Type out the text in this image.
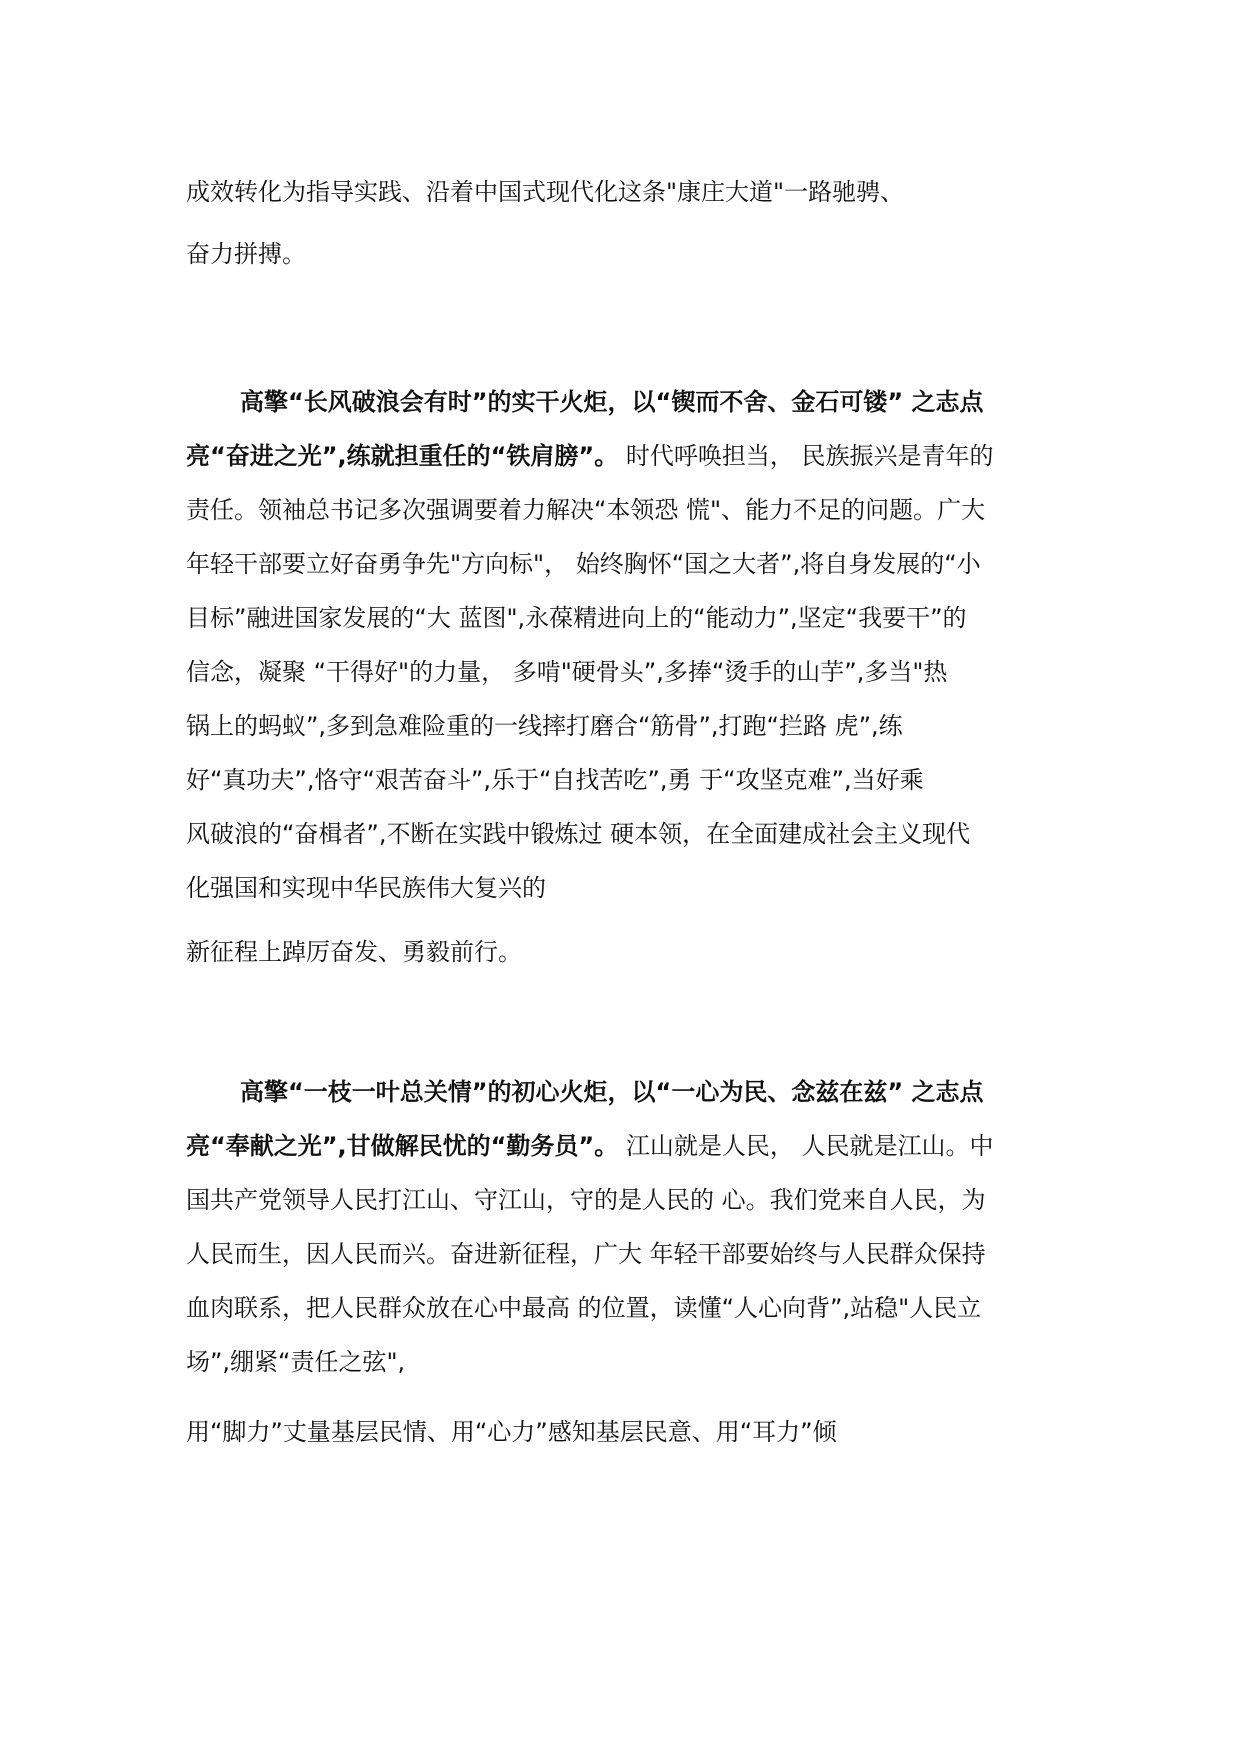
成效转化为指导实践、沿着中国式现代化这条"康庄大道"一路驰骋、
奋力拼搏。
高擎“长风破浪会有时”的实干火炬，以“锲而不舍、金石可镂” 之志点
亮“奋进之光”,练就担重任的“铁肩膀”。 时代呼唤担当， 民族振兴是青年的
责任。领袖总书记多次强调要着力解决“本领恐 慌"、能力不足的问题。广大
年轻干部要立好奋勇争先"方向标"， 始终胸怀“国之大者”,将自身发展的“小
目标”融进国家发展的“大 蓝图",永葆精进向上的“能动力”,坚定“我要干”的
信念，凝聚 “干得好"的力量， 多啃"硬骨头”,多捧“烫手的山芋”,多当"热
锅上的蚂蚁”,多到急难险重的一线摔打磨合“筋骨”,打跑“拦路 虎”,练
好“真功夫”,恪守“艰苦奋斗”,乐于“自找苦吃”,勇 于“攻坚克难”,当好乘
风破浪的“奋楫者”,不断在实践中锻炼过 硬本领，在全面建成社会主义现代
化强国和实现中华民族伟大复兴的
新征程上踔厉奋发、勇毅前行。
高擎“一枝一叶总关情”的初心火炬，以“一心为民、念兹在兹” 之志点
亮“奉献之光”,甘做解民忧的“勤务员”。 江山就是人民， 人民就是江山。中
国共产党领导人民打江山、守江山，守的是人民的 心。我们党来自人民，为
人民而生，因人民而兴。奋进新征程，广大 年轻干部要始终与人民群众保持
血肉联系，把人民群众放在心中最高 的位置，读懂“人心向背”,站稳"人民立
场”,绷紧“责任之弦",
用“脚力”丈量基层民情、用“心力”感知基层民意、用“耳力”倾
